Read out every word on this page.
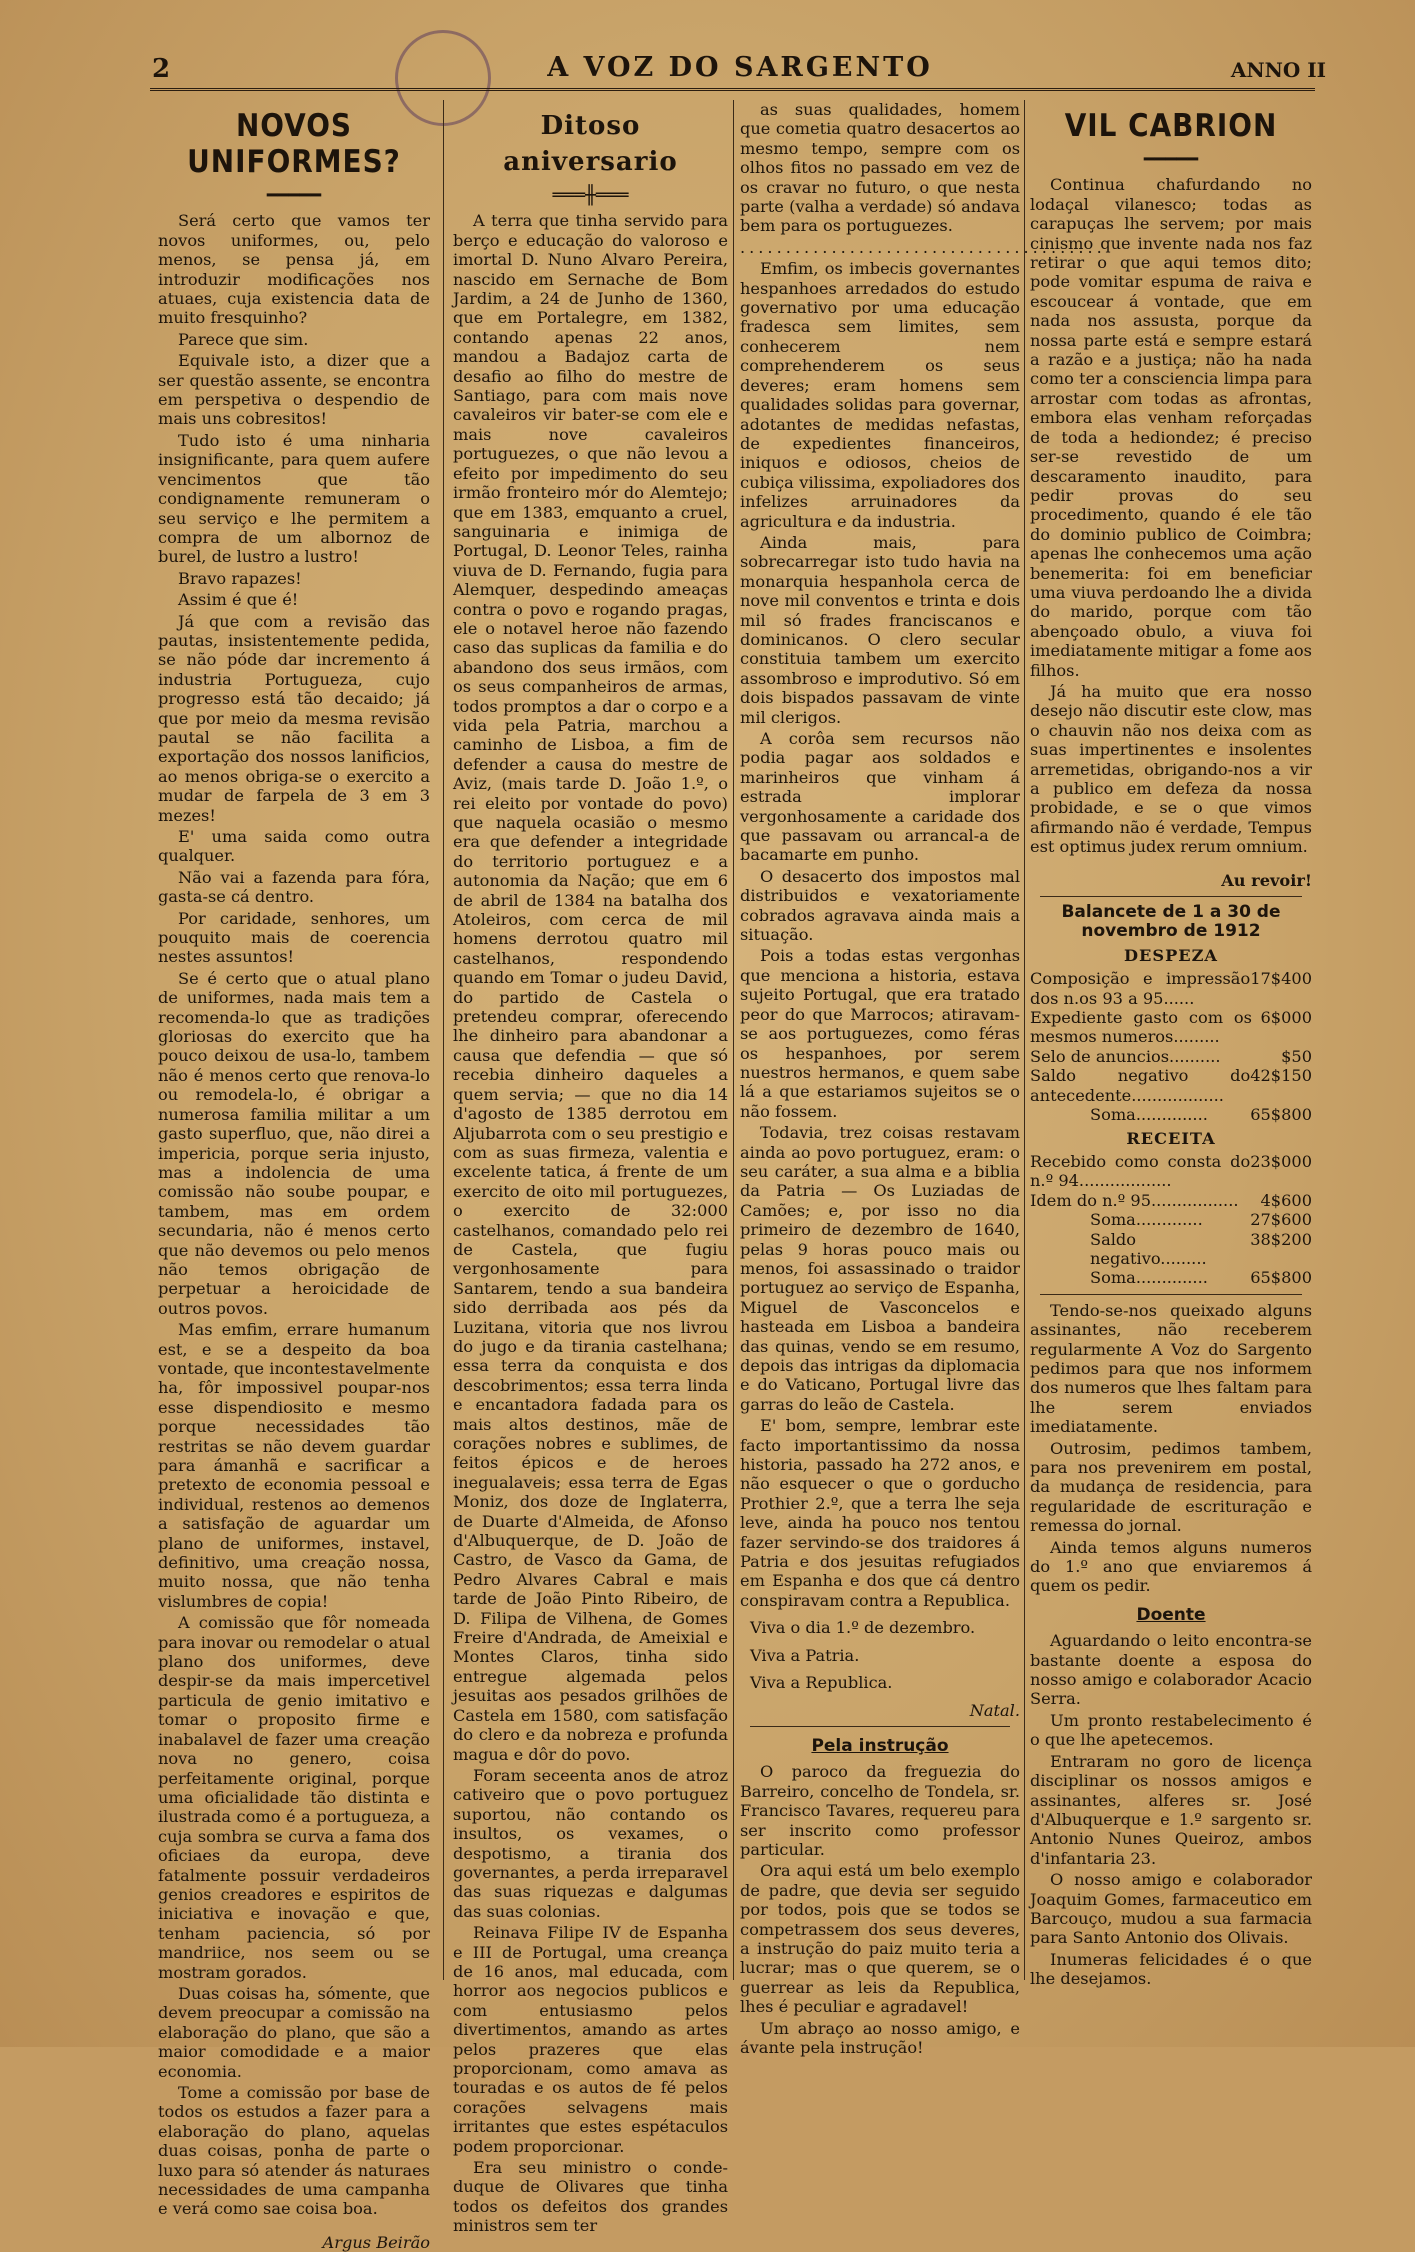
2	A VOZ DO SARGENTO	ANNO II
NOVOS UNIFORMES?
━━━━━

Será certo que vamos ter novos uniformes, ou, pelo menos, se pensa já, em introduzir modificações nos atuaes, cuja existencia data de muito fresquinho?

Parece que sim.

Equivale isto, a dizer que a ser questão assente, se encontra em perspetiva o despendio de mais uns cobresitos!

Tudo isto é uma ninharia insignificante, para quem aufere vencimentos que tão condignamente remuneram o seu serviço e lhe permitem a compra de um albornoz de burel, de lustro a lustro!

Bravo rapazes!

Assim é que é!

Já que com a revisão das pautas, insistentemente pedida, se não póde dar incremento á industria Portugueza, cujo progresso está tão decaido; já que por meio da mesma revisão pautal se não facilita a exportação dos nossos lanificios, ao menos obriga-se o exercito a mudar de farpela de 3 em 3 mezes!

E' uma saida como outra qualquer.

Não vai a fazenda para fóra, gasta-se cá dentro.

Por caridade, senhores, um pouquito mais de coerencia nestes assuntos!

Se é certo que o atual plano de uniformes, nada mais tem a recomenda-lo que as tradições gloriosas do exercito que ha pouco deixou de usa-lo, tambem não é menos certo que renova-lo ou remodela-lo, é obrigar a numerosa familia militar a um gasto superfluo, que, não direi a impericia, porque seria injusto, mas a indolencia de uma comissão não soube poupar, e tambem, mas em ordem secundaria, não é menos certo que não devemos ou pelo menos não temos obrigação de perpetuar a heroicidade de outros povos.

Mas emfim, errare humanum est, e se a despeito da boa vontade, que incontestavelmente ha, fôr impossivel poupar-nos esse dispendiosito e mesmo porque necessidades tão restritas se não devem guardar para ámanhã e sacrificar a pretexto de economia pessoal e individual, restenos ao demenos a satisfação de aguardar um plano de uniformes, instavel, definitivo, uma creação nossa, muito nossa, que não tenha vislumbres de copia!

A comissão que fôr nomeada para inovar ou remodelar o atual plano dos uniformes, deve despir-se da mais impercetivel particula de genio imitativo e tomar o proposito firme e inabalavel de fazer uma creação nova no genero, coisa perfeitamente original, porque uma oficialidade tão distinta e ilustrada como é a portugueza, a cuja sombra se curva a fama dos oficiaes da europa, deve fatalmente possuir verdadeiros genios creadores e espiritos de iniciativa e inovação e que, tenham paciencia, só por mandriice, nos seem ou se mostram gorados.

Duas coisas ha, sómente, que devem preocupar a comissão na elaboração do plano, que são a maior comodidade e a maior economia.

Tome a comissão por base de todos os estudos a fazer para a elaboração do plano, aquelas duas coisas, ponha de parte o luxo para só atender ás naturaes necessidades de uma campanha e verá como sae coisa boa.

Argus Beirão
Ditoso aniversario
═══╫═══

A terra que tinha servido para berço e educação do valoroso e imortal D. Nuno Alvaro Pereira, nascido em Sernache de Bom Jardim, a 24 de Junho de 1360, que em Portalegre, em 1382, contando apenas 22 anos, mandou a Badajoz carta de desafio ao filho do mestre de Santiago, para com mais nove cavaleiros vir bater-se com ele e mais nove cavaleiros portuguezes, o que não levou a efeito por impedimento do seu irmão fronteiro mór do Alemtejo; que em 1383, emquanto a cruel, sanguinaria e inimiga de Portugal, D. Leonor Teles, rainha viuva de D. Fernando, fugia para Alemquer, despedindo ameaças contra o povo e rogando pragas, ele o notavel heroe não fazendo caso das suplicas da familia e do abandono dos seus irmãos, com os seus companheiros de armas, todos promptos a dar o corpo e a vida pela Patria, marchou a caminho de Lisboa, a fim de defender a causa do mestre de Aviz, (mais tarde D. João 1.º, o rei eleito por vontade do povo) que naquela ocasião o mesmo era que defender a integridade do territorio portuguez e a autonomia da Nação; que em 6 de abril de 1384 na batalha dos Atoleiros, com cerca de mil homens derrotou quatro mil castelhanos, respondendo quando em Tomar o judeu David, do partido de Castela o pretendeu comprar, oferecendo lhe dinheiro para abandonar a causa que defendia — que só recebia dinheiro daqueles a quem servia; — que no dia 14 d'agosto de 1385 derrotou em Aljubarrota com o seu prestigio e com as suas firmeza, valentia e excelente tatica, á frente de um exercito de oito mil portuguezes, o exercito de 32:000 castelhanos, comandado pelo rei de Castela, que fugiu vergonhosamente para Santarem, tendo a sua bandeira sido derribada aos pés da Luzitana, vitoria que nos livrou do jugo e da tirania castelhana; essa terra da conquista e dos descobrimentos; essa terra linda e encantadora fadada para os mais altos destinos, mãe de corações nobres e sublimes, de feitos épicos e de heroes inegualaveis; essa terra de Egas Moniz, dos doze de Inglaterra, de Duarte d'Almeida, de Afonso d'Albuquerque, de D. João de Castro, de Vasco da Gama, de Pedro Alvares Cabral e mais tarde de João Pinto Ribeiro, de D. Filipa de Vilhena, de Gomes Freire d'Andrada, de Ameixial e Montes Claros, tinha sido entregue algemada pelos jesuitas aos pesados grilhões de Castela em 1580, com satisfação do clero e da nobreza e profunda magua e dôr do povo.

Foram seceenta anos de atroz cativeiro que o povo portuguez suportou, não contando os insultos, os vexames, o despotismo, a tirania dos governantes, a perda irreparavel das suas riquezas e dalgumas das suas colonias.

Reinava Filipe IV de Espanha e III de Portugal, uma creança de 16 anos, mal educada, com horror aos negocios publicos e com entusiasmo pelos divertimentos, amando as artes pelos prazeres que elas proporcionam, como amava as touradas e os autos de fé pelos corações selvagens mais irritantes que estes espétaculos podem proporcionar.

Era seu ministro o conde-duque de Olivares que tinha todos os defeitos dos grandes ministros sem ter

as suas qualidades, homem que cometia quatro desacertos ao mesmo tempo, sempre com os olhos fitos no passado em vez de os cravar no futuro, o que nesta parte (valha a verdade) só andava bem para os portuguezes.

........................................

Emfim, os imbecis governantes hespanhoes arredados do estudo governativo por uma educação fradesca sem limites, sem conhecerem nem comprehenderem os seus deveres; eram homens sem qualidades solidas para governar, adotantes de medidas nefastas, de expedientes financeiros, iniquos e odiosos, cheios de cubiça vilissima, expoliadores dos infelizes arruinadores da agricultura e da industria.

Ainda mais, para sobrecarregar isto tudo havia na monarquia hespanhola cerca de nove mil conventos e trinta e dois mil só frades franciscanos e dominicanos. O clero secular constituia tambem um exercito assombroso e improdutivo. Só em dois bispados passavam de vinte mil clerigos.

A corôa sem recursos não podia pagar aos soldados e marinheiros que vinham á estrada implorar vergonhosamente a caridade dos que passavam ou arrancal-a de bacamarte em punho.

O desacerto dos impostos mal distribuidos e vexatoriamente cobrados agravava ainda mais a situação.

Pois a todas estas vergonhas que menciona a historia, estava sujeito Portugal, que era tratado peor do que Marrocos; atiravam-se aos portuguezes, como féras os hespanhoes, por serem nuestros hermanos, e quem sabe lá a que estariamos sujeitos se o não fossem.

Todavia, trez coisas restavam ainda ao povo portuguez, eram: o seu caráter, a sua alma e a biblia da Patria — Os Luziadas de Camões; e, por isso no dia primeiro de dezembro de 1640, pelas 9 horas pouco mais ou menos, foi assassinado o traidor portuguez ao serviço de Espanha, Miguel de Vasconcelos e hasteada em Lisboa a bandeira das quinas, vendo se em resumo, depois das intrigas da diplomacia e do Vaticano, Portugal livre das garras do leão de Castela.

E' bom, sempre, lembrar este facto importantissimo da nossa historia, passado ha 272 anos, e não esquecer o que o gorducho Prothier 2.º, que a terra lhe seja leve, ainda ha pouco nos tentou fazer servindo-se dos traidores á Patria e dos jesuitas refugiados em Espanha e dos que cá dentro conspiravam contra a Republica.

Viva o dia 1.º de dezembro.

Viva a Patria.

Viva a Republica.

Natal.
Pela instrução

O paroco da freguezia do Barreiro, concelho de Tondela, sr. Francisco Tavares, requereu para ser inscrito como professor particular.

Ora aqui está um belo exemplo de padre, que devia ser seguido por todos, pois que se todos se competrassem dos seus deveres, a instrução do paiz muito teria a lucrar; mas o que querem, se o guerrear as leis da Republica, lhes é peculiar e agradavel!

Um abraço ao nosso amigo, e ávante pela instrução!

VIL CABRION
━━━━━

Continua chafurdando no lodaçal vilanesco; todas as carapuças lhe servem; por mais cinismo que invente nada nos faz retirar o que aqui temos dito; pode vomitar espuma de raiva e escoucear á vontade, que em nada nos assusta, porque da nossa parte está e sempre estará a razão e a justiça; não ha nada como ter a consciencia limpa para arrostar com todas as afrontas, embora elas venham reforçadas de toda a hediondez; é preciso ser-se revestido de um descaramento inaudito, para pedir provas do seu procedimento, quando é ele tão do dominio publico de Coimbra; apenas lhe conhecemos uma ação benemerita: foi em beneficiar uma viuva perdoando lhe a divida do marido, porque com tão abençoado obulo, a viuva foi imediatamente mitigar a fome aos filhos.

Já ha muito que era nosso desejo não discutir este clow, mas o chauvin não nos deixa com as suas impertinentes e insolentes arremetidas, obrigando-nos a vir a publico em defeza da nossa probidade, e se o que vimos afirmando não é verdade, Tempus est optimus judex rerum omnium.

Au revoir!
Balancete de 1 a 30 de novembro de 1912
DESPEZA
Composição e impressão dos n.os 93 a 95......
17$400
Expediente gasto com os mesmos numeros.........
6$000
Selo de anuncios..........	$50
Saldo negativo do antecedente..................
42$150
Soma..............	65$800
RECEITA
Recebido como consta do n.º 94..................
23$000
Idem do n.º 95.................	4$600
Soma.............	27$600
Saldo negativo.........
38$200
Soma..............	65$800

Tendo-se-nos queixado alguns assinantes, não receberem regularmente A Voz do Sargento pedimos para que nos informem dos numeros que lhes faltam para lhe serem enviados imediatamente.

Outrosim, pedimos tambem, para nos prevenirem em postal, da mudança de residencia, para regularidade de escrituração e remessa do jornal.

Ainda temos alguns numeros do 1.º ano que enviaremos á quem os pedir.

Doente

Aguardando o leito encontra-se bastante doente a esposa do nosso amigo e colaborador Acacio Serra.

Um pronto restabelecimento é o que lhe apetecemos.

Entraram no goro de licença disciplinar os nossos amigos e assinantes, alferes sr. José d'Albuquerque e 1.º sargento sr. Antonio Nunes Queiroz, ambos d'infantaria 23.

O nosso amigo e colaborador Joaquim Gomes, farmaceutico em Barcouço, mudou a sua farmacia para Santo Antonio dos Olivais.

Inumeras felicidades é o que lhe desejamos.
